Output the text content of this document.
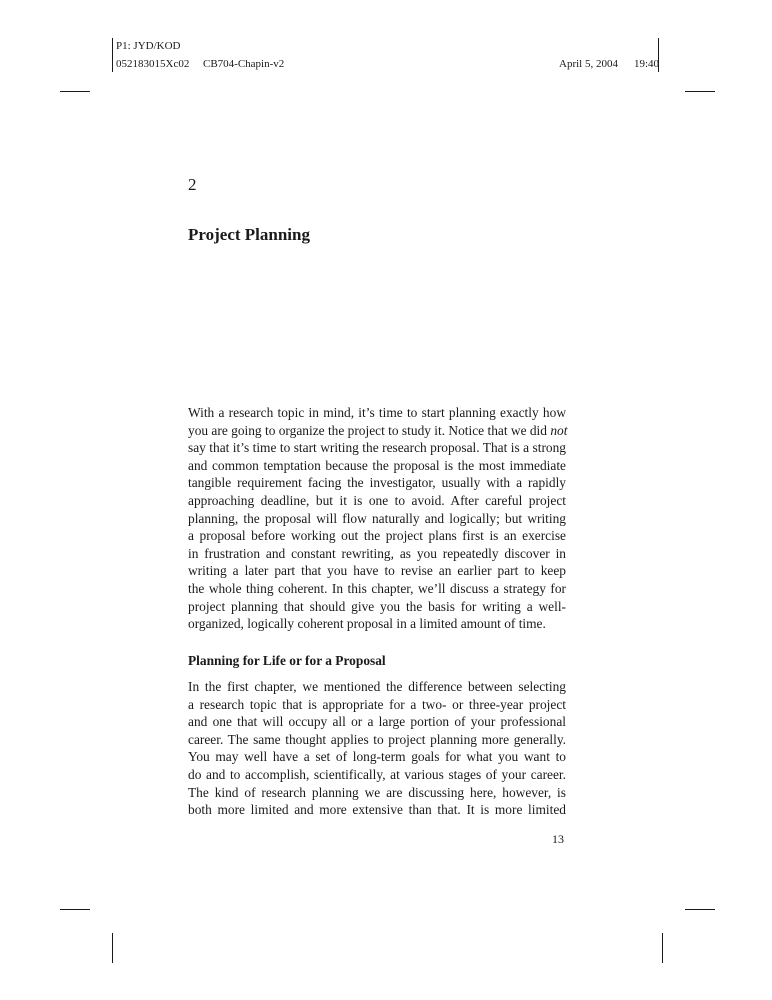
P1: JYD/KOD
052183015Xc02 CB704-Chapin-v2	April 5, 2004 19:40
2
Project Planning
With a research topic in mind, it’s time to start planning exactly how
you are going to organize the project to study it. Notice that we did not
say that it’s time to start writing the research proposal. That is a strong
and common temptation because the proposal is the most immediate
tangible requirement facing the investigator, usually with a rapidly
approaching deadline, but it is one to avoid. After careful project
planning, the proposal will flow naturally and logically; but writing
a proposal before working out the project plans first is an exercise
in frustration and constant rewriting, as you repeatedly discover in
writing a later part that you have to revise an earlier part to keep
the whole thing coherent. In this chapter, we’ll discuss a strategy for
project planning that should give you the basis for writing a well-
organized, logically coherent proposal in a limited amount of time.
Planning for Life or for a Proposal
In the first chapter, we mentioned the difference between selecting
a research topic that is appropriate for a two- or three-year project
and one that will occupy all or a large portion of your professional
career. The same thought applies to project planning more generally.
You may well have a set of long-term goals for what you want to
do and to accomplish, scientifically, at various stages of your career.
The kind of research planning we are discussing here, however, is
both more limited and more extensive than that. It is more limited
13
